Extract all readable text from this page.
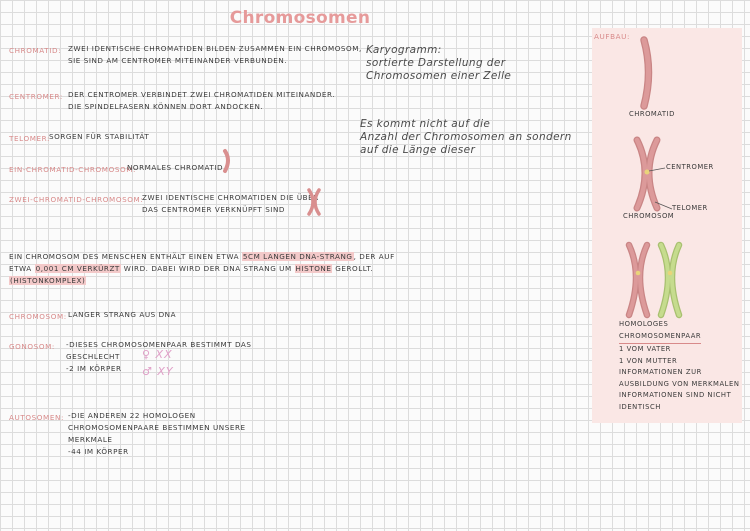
Chromosomen
CHROMATID: ZWEI IDENTISCHE CHROMATIDEN BILDEN ZUSAMMEN EIN CHROMOSOM,
SIE SIND AM CENTROMER MITEINANDER VERBUNDEN.
CENTROMER: DER CENTROMER VERBINDET ZWEI CHROMATIDEN MITEINANDER.
DIE SPINDELFASERN KÖNNEN DORT ANDOCKEN.
TELOMER:
SORGEN FÜR STABILITÄT
EIN-CHROMATID-CHROMOSOM:
NORMALES CHROMATID
ZWEI-CHROMATID-CHROMOSOM:
ZWEI IDENTISCHE CHROMATIDEN DIE ÜBER
DAS CENTROMER VERKNÜPFT SIND
Karyogramm:
sortierte Darstellung der
Chromosomen einer Zelle
Es kommt nicht auf die
Anzahl der Chromosomen an sondern
auf die Länge dieser
EIN CHROMOSOM DES MENSCHEN ENTHÄLT EINEN ETWA 5CM LANGEN DNA-STRANG, DER AUF
ETWA 0,001 CM VERKÜRZT WIRD. DABEI WIRD DER DNA STRANG UM HISTONE GEROLLT.
(HISTONKOMPLEX)
CHROMOSOM: LANGER STRANG AUS DNA
GONOSOM: -DIESES CHROMOSOMENPAAR BESTIMMT DAS
GESCHLECHT
-2 IM KÖRPER
♀ XX
♂ XY
AUTOSOMEN: -DIE ANDEREN 22 HOMOLOGEN
CHROMOSOMENPAARE BESTIMMEN UNSERE
MERKMALE
-44 IM KÖRPER
AUFBAU:
CHROMATID
CENTROMER
TELOMER
CHROMOSOM
HOMOLOGES
CHROMOSOMENPAAR
1 VOM VATER
1 VON MUTTER
INFORMATIONEN ZUR
AUSBILDUNG VON MERKMALEN
INFORMATIONEN SIND NICHT
IDENTISCH
